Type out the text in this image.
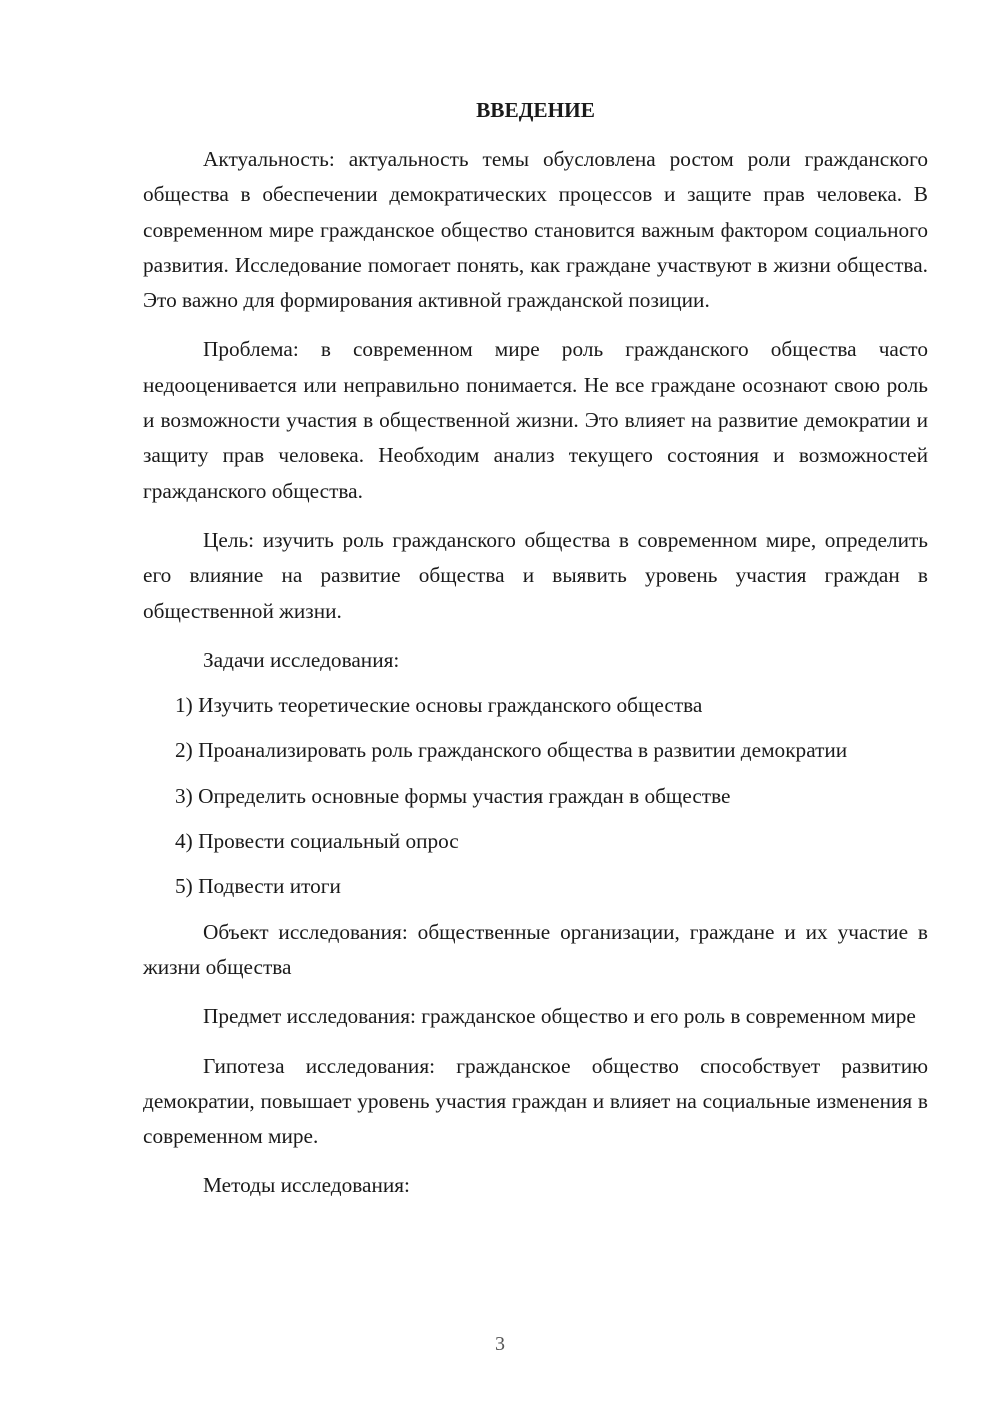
ВВЕДЕНИЕ

Актуальность: актуальность темы обусловлена ростом роли гражданского общества в обеспечении демократических процессов и защите прав человека. В современном мире гражданское общество становится важным фактором социального развития. Исследование помогает понять, как граждане участвуют в жизни общества. Это важно для формирования активной гражданской позиции.

Проблема: в современном мире роль гражданского общества часто недооценивается или неправильно понимается. Не все граждане осознают свою роль и возможности участия в общественной жизни. Это влияет на развитие демократии и защиту прав человека. Необходим анализ текущего состояния и возможностей гражданского общества.

Цель: изучить роль гражданского общества в современном мире, определить его влияние на развитие общества и выявить уровень участия граждан в общественной жизни.

Задачи исследования:

1) Изучить теоретические основы гражданского общества

2) Проанализировать роль гражданского общества в развитии демократии

3) Определить основные формы участия граждан в обществе

4) Провести социальный опрос

5) Подвести итоги

Объект исследования: общественные организации, граждане и их участие в жизни общества

Предмет исследования: гражданское общество и его роль в современном мире

Гипотеза исследования: гражданское общество способствует развитию демократии, повышает уровень участия граждан и влияет на социальные изменения в современном мире.

Методы исследования:

3
